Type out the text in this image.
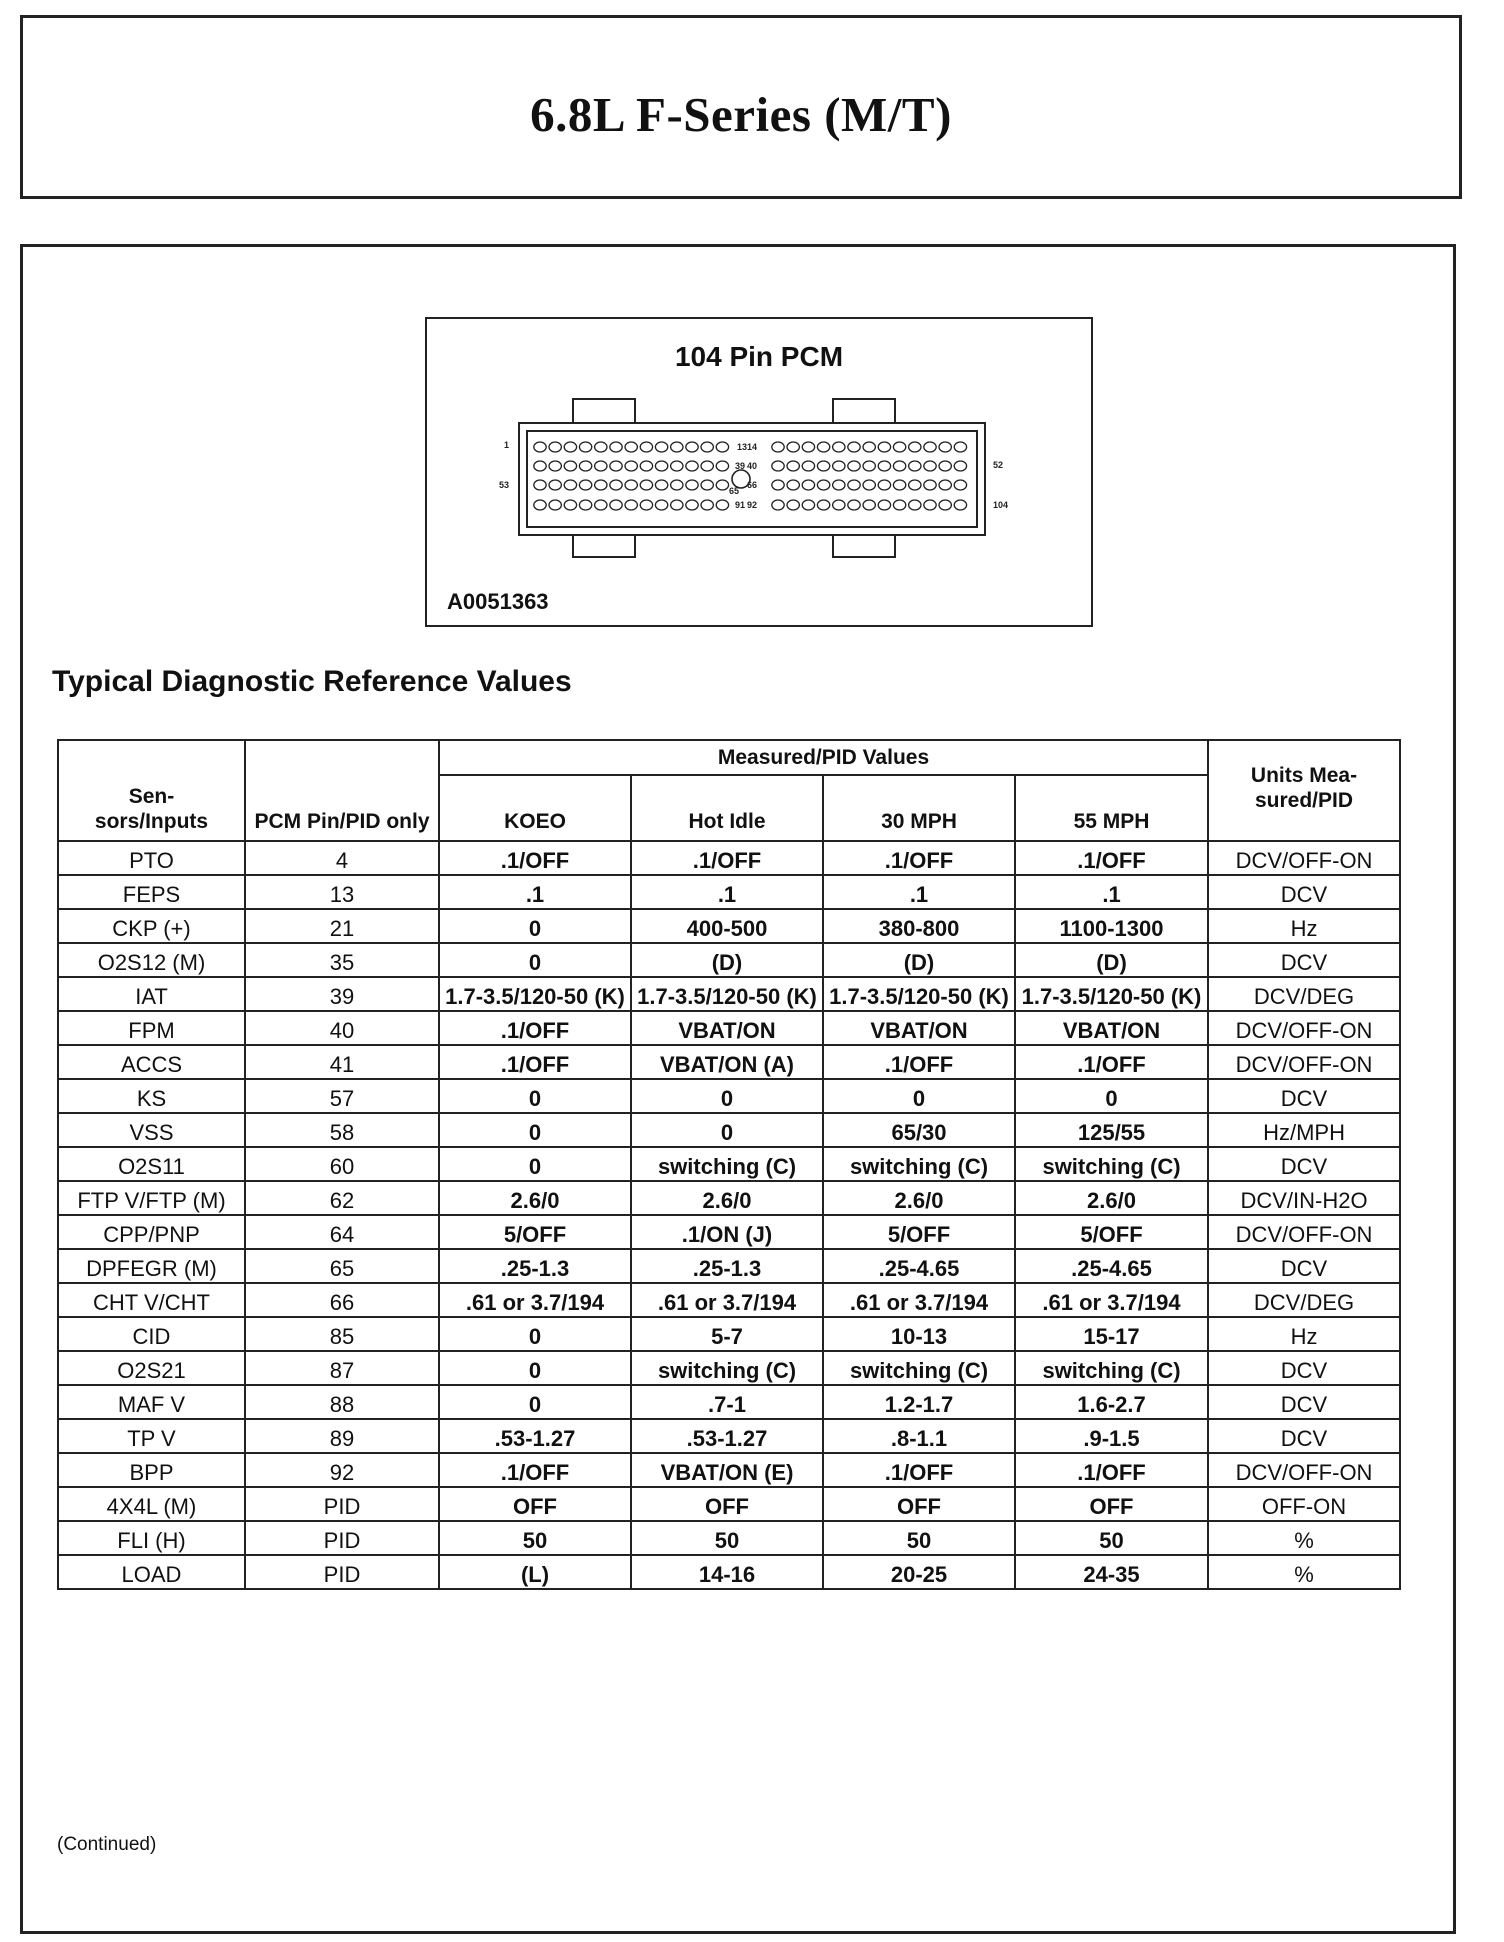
6.8L F-Series (M/T)
104 Pin PCM
1	13 14
39 40	52
53
65
66
91 92	104
A0051363
Typical Diagnostic Reference Values
Sen-
sors/Inputs	PCM Pin/PID only	Measured/PID Values				Units Mea-
sured/PID
		KOEO	Hot Idle	30 MPH	55 MPH	
PTO	4	.1/OFF	.1/OFF	.1/OFF	.1/OFF	DCV/OFF-ON
FEPS	13	.1	.1	.1	.1	DCV
CKP (+)	21	0	400-500	380-800	1100-1300	Hz
O2S12 (M)	35	0	(D)	(D)	(D)	DCV
IAT	39	1.7-3.5/120-50 (K)	1.7-3.5/120-50 (K)	1.7-3.5/120-50 (K)	1.7-3.5/120-50 (K)	DCV/DEG
FPM	40	.1/OFF	VBAT/ON	VBAT/ON	VBAT/ON	DCV/OFF-ON
ACCS	41	.1/OFF	VBAT/ON (A)	.1/OFF	.1/OFF	DCV/OFF-ON
KS	57	0	0	0	0	DCV
VSS	58	0	0	65/30	125/55	Hz/MPH
O2S11	60	0	switching (C)	switching (C)	switching (C)	DCV
FTP V/FTP (M)	62	2.6/0	2.6/0	2.6/0	2.6/0	DCV/IN-H2O
CPP/PNP	64	5/OFF	.1/ON (J)	5/OFF	5/OFF	DCV/OFF-ON
DPFEGR (M)	65	.25-1.3	.25-1.3	.25-4.65	.25-4.65	DCV
CHT V/CHT	66	.61 or 3.7/194	.61 or 3.7/194	.61 or 3.7/194	.61 or 3.7/194	DCV/DEG
CID	85	0	5-7	10-13	15-17	Hz
O2S21	87	0	switching (C)	switching (C)	switching (C)	DCV
MAF V	88	0	.7-1	1.2-1.7	1.6-2.7	DCV
TP V	89	.53-1.27	.53-1.27	.8-1.1	.9-1.5	DCV
BPP	92	.1/OFF	VBAT/ON (E)	.1/OFF	.1/OFF	DCV/OFF-ON
4X4L (M)	PID	OFF	OFF	OFF	OFF	OFF-ON
FLI (H)	PID	50	50	50	50	%
LOAD	PID	(L)	14-16	20-25	24-35	%
(Continued)
